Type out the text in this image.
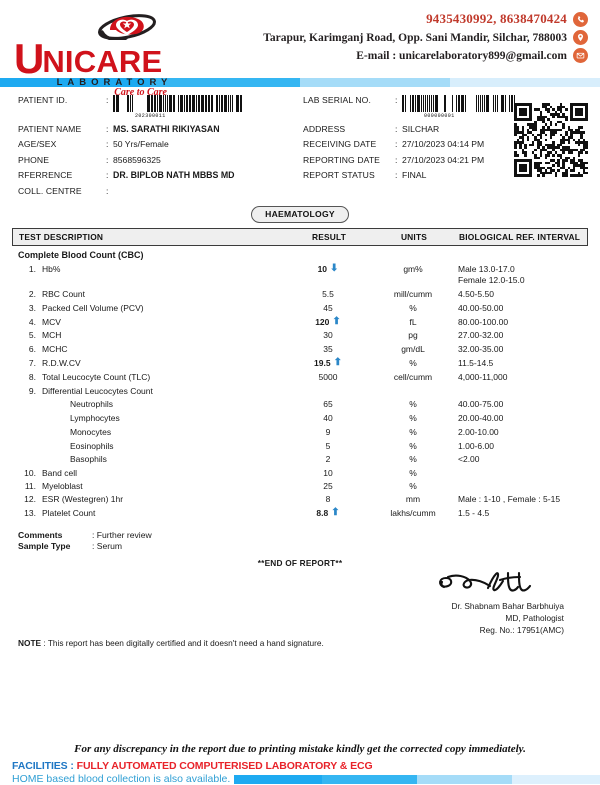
U NICARE
LABORATORY
Care to Care
9435430992, 8638470424
Tarapur, Karimganj Road, Opp. Sani Mandir, Silchar, 788003
E-mail : unicarelaboratory899@gmail.com
PATIENT ID.	:
202300011
PATIENT NAME	: MS. SARATHI RIKIYASAN
AGE/SEX	: 50 Yrs/Female
PHONE	: 8568596325
RFERRENCE	: DR. BIPLOB NATH MBBS MD
COLL. CENTRE	:
LAB SERIAL NO.	:
000000001
ADDRESS	: SILCHAR
RECEIVING DATE	: 27/10/2023 04:14 PM
REPORTING DATE	: 27/10/2023 04:21 PM
REPORT STATUS	: FINAL
HAEMATOLOGY
TEST DESCRIPTION	RESULT	UNITS	BIOLOGICAL REF. INTERVAL
Complete Blood Count (CBC)
1. Hb%	10 ⬇	gm%	Male 13.0-17.0
Female 12.0-15.0
2. RBC Count	5.5	mill/cumm	4.50-5.50
3. Packed Cell Volume (PCV)	45	%	40.00-50.00
4. MCV	120 ⬆	fL	80.00-100.00
5. MCH	30	pg	27.00-32.00
6. MCHC	35	gm/dL	32.00-35.00
7. R.D.W.CV	19.5 ⬆	%	11.5-14.5
8. Total Leucocyte Count (TLC)	5000	cell/cumm	4,000-11,000
9. Differential Leucocytes Count
Neutrophils	65	%	40.00-75.00
Lymphocytes	40	%	20.00-40.00
Monocytes	9	%	2.00-10.00
Eosinophils	5	%	1.00-6.00
Basophils	2	%	<2.00
10. Band cell	10	%
11. Myeloblast	25	%
12. ESR (Westegren) 1hr	8	mm	Male : 1-10 , Female : 5-15
13. Platelet Count	8.8 ⬆	lakhs/cumm	1.5 - 4.5
Comments	: Further review
Sample Type	: Serum
**END OF REPORT**
Dr. Shabnam Bahar Barbhuiya
MD, Pathologist
Reg. No.: 17951(AMC)
NOTE : This report has been digitally certified and it doesn't need a hand signature.
For any discrepancy in the report due to printing mistake kindly get the corrected copy immediately.
FACILITIES : FULLY AUTOMATED COMPUTERISED LABORATORY & ECG
HOME based blood collection is also available.
